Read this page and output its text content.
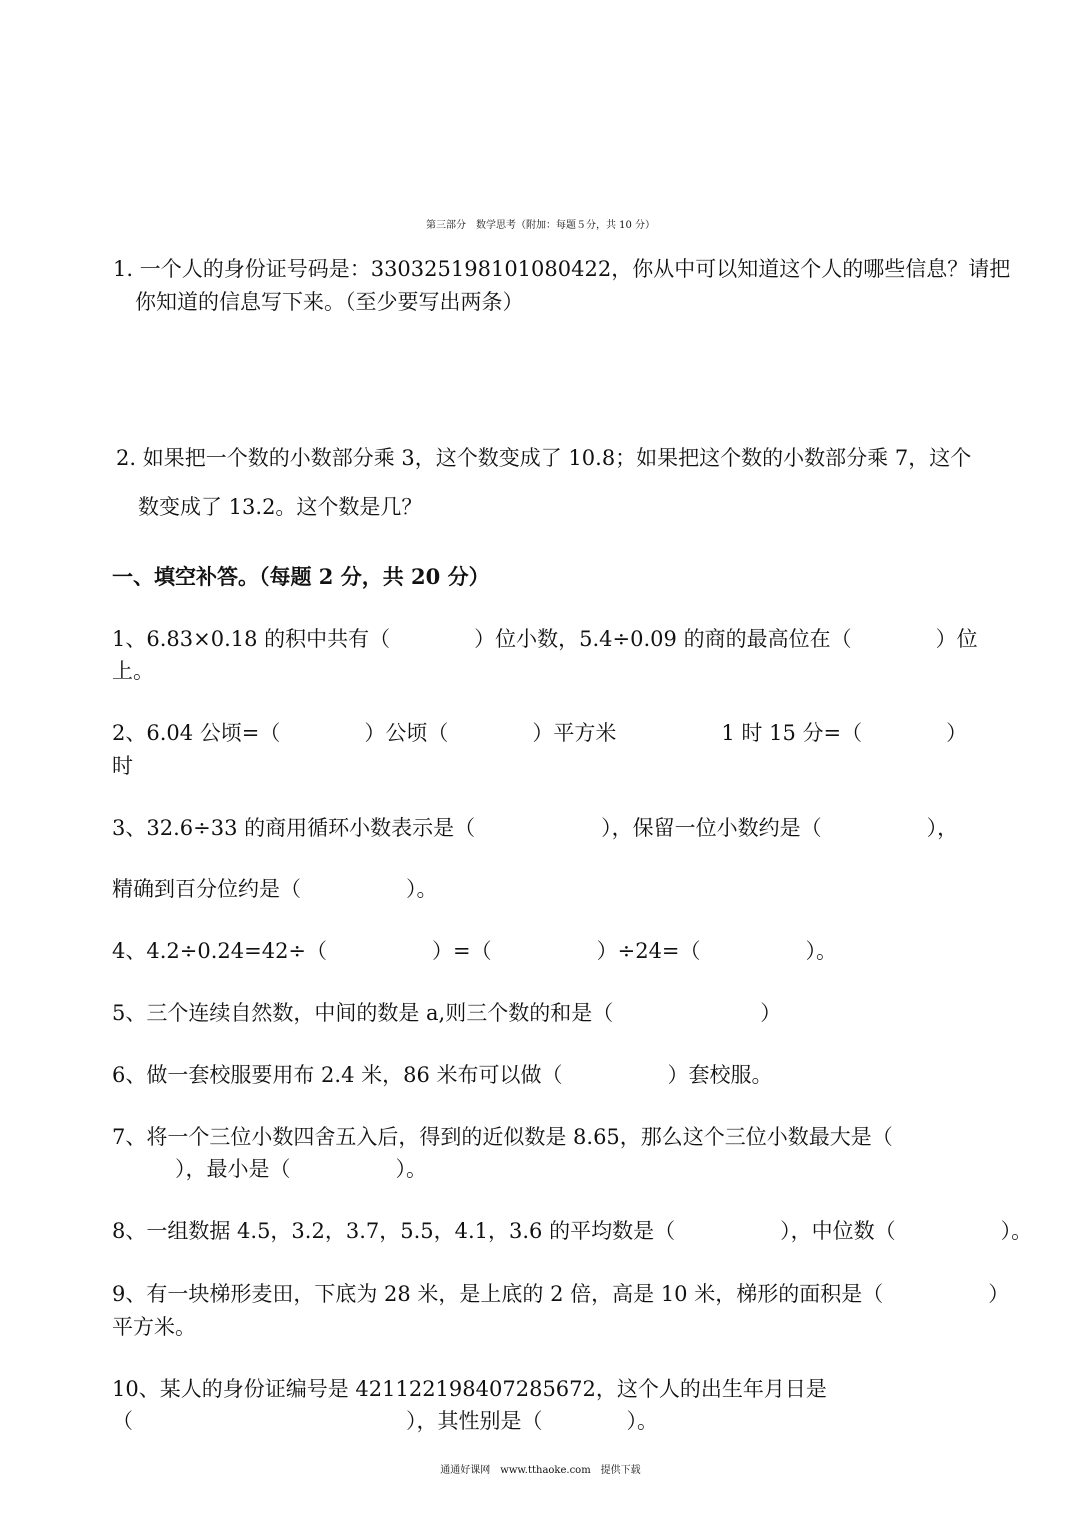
第三部分　数学思考（附加：每题５分，共 10 分）
1. 一个人的身份证号码是：330325198101080422，你从中可以知道这个人的哪些信息？请把
你知道的信息写下来。（至少要写出两条）
2. 如果把一个数的小数部分乘 3，这个数变成了 10.8；如果把这个数的小数部分乘 7，这个
数变成了 13.2。这个数是几？
一、填空补答。（每题 2 分，共 20 分）
1、6.83×0.18 的积中共有（　　　　）位小数，5.4÷0.09 的商的最高位在（　　　　）位
上。
2、6.04 公顷=（　　　　）公顷（　　　　）平方米　　　　　1 时 15 分=（　　　　）
时
3、32.6÷33 的商用循环小数表示是（　　　　　　），保留一位小数约是（　　　　　），
精确到百分位约是（　　　　　）。
4、4.2÷0.24=42÷（　　　　　）=（　　　　　）÷24=（　　　　　）。
5、三个连续自然数，中间的数是 a,则三个数的和是（　　　　　　　）
6、做一套校服要用布 2.4 米，86 米布可以做（　　　　　）套校服。
7、将一个三位小数四舍五入后，得到的近似数是 8.65，那么这个三位小数最大是（
　　　），最小是（　　　　　）。
8、一组数据 4.5，3.2，3.7，5.5，4.1，3.6 的平均数是（　　　　　），中位数（　　　　　）。
9、有一块梯形麦田，下底为 28 米，是上底的 2 倍，高是 10 米，梯形的面积是（　　　　　）
平方米。
10、某人的身份证编号是 421122198407285672，这个人的出生年月日是
（　　　　　　　　　　　　　），其性别是（　　　　）。
通通好课网　www.tthaoke.com　提供下载
